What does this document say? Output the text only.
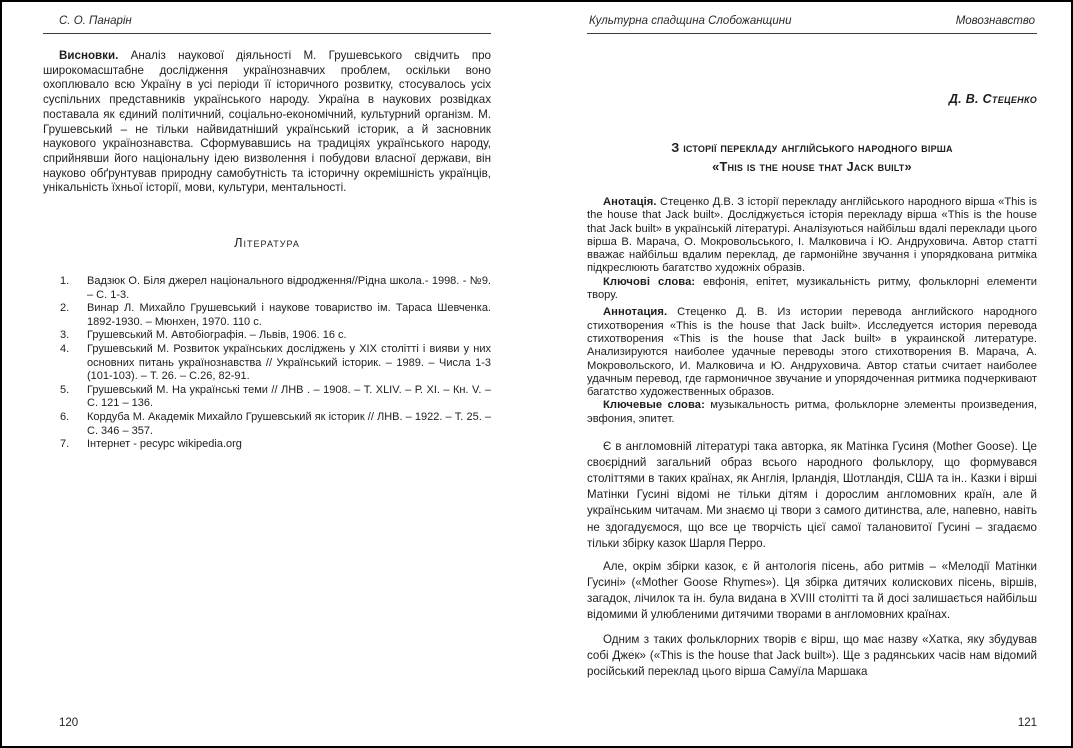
С. О. Панарін

Висновки. Аналіз наукової діяльності М. Грушевського свідчить про широкомасштабне дослідження українознавчих проблем, оскільки воно охоплювало всю Україну в усі періоди її історичного розвитку, стосувалось усіх суспільних представників українського народу. Україна в наукових розвідках поставала як єдиний політичний, соціально-економічний, культурний організм. М. Грушевський – не тільки найвидатніший український історик, а й засновник наукового українознавства. Сформувавшись на традиціях українського народу, сприйнявши його національну ідею визволення і побудови власної держави, він науково обґрунтував природну самобутність та історичну окремішність українців, унікальність їхньої історії, мови, культури, ментальності.

Література
Вадзюк О. Біля джерел національного відродження//Рідна школа.- 1998. - №9. – С. 1-3.
Винар Л. Михайло Грушевський і наукове товариство ім. Тараса Шевченка. 1892-1930. – Мюнхен, 1970. 110 с.
Грушевський М. Автобіографія. – Львів, 1906. 16 с.
Грушевський М. Розвиток українських досліджень у XIX столітті і вияви у них основних питань українознавства // Український історик. – 1989. – Числа 1-3 (101-103). – Т. 26. – С.26, 82-91.
Грушевський М. На українські теми // ЛНВ . – 1908. – Т. XLIV. – Р. XI. – Кн. V. – С. 121 – 136.
Кордуба М. Академік Михайло Грушевський як історик // ЛНВ. – 1922. – Т. 25. – С. 346 – 357.
Інтернет - ресурс wikipedia.org
Культурна спадщина Слобожанщини	Мовознавство
Д. В. Стеценко
З історії перекладу англійського народного вірша
«This is the house that Jack built»

Анотація. Стеценко Д.В. З історії перекладу англійського народного вірша «This is the house that Jack built». Досліджується історія перекладу вірша «This is the house that Jack built» в українській літературі. Аналізуються найбільш вдалі переклади цього вірша В. Марача, О. Мокровольського, І. Малковича і Ю. Андруховича. Автор статті вважає найбільш вдалим переклад, де гармонійне звучання і упорядкована ритміка підкреслюють багатство художніх образів.

Ключові слова: евфонія, епітет, музикальність ритму, фольклорні елементи твору.

Аннотация. Стеценко Д. В. Из истории перевода английского народного стихотворения «This is the house that Jack built». Исследуется история перевода стихотворения «This is the house that Jack built» в украинской литературе. Анализируются наиболее удачные переводы этого стихотворения В. Марача, А. Мокровольского, И. Малковича и Ю. Андруховича. Автор статьи считает наиболее удачным перевод, где гармоничное звучание и упорядоченная ритмика подчеркивают багатство художественных образов.

Ключевые слова: музыкальность ритма, фольклорне элементы произведения, эвфония, эпитет.

Є в англомовній літературі така авторка, як Матінка Гусиня (Mother Goose). Це своєрідний загальний образ всього народного фольклору, що формувався століттями в таких країнах, як Англія, Ірландія, Шотландія, США та ін.. Казки і вірші Матінки Гусині відомі не тільки дітям і дорослим англомовних країн, але й українським читачам. Ми знаємо ці твори з самого дитинства, але, напевно, навіть не здогадуємося, що все це творчість цієї самої талановитої Гусині – згадаємо тільки збірку казок Шарля Перро.

Але, окрім збірки казок, є й антологія пісень, або ритмів – «Мелодії Матінки Гусині» («Mother Goose Rhymes»). Ця збірка дитячих колискових пісень, віршів, загадок, лічилок та ін. була видана в XVIII столітті та й досі залишається найбільш відомими й улюбленими дитячими творами в англомовних країнах.

Одним з таких фольклорних творів є вірш, що має назву «Хатка, яку збудував собі Джек» («This is the house that Jack built»). Ще з радянських часів нам відомий російський переклад цього вірша Самуїла Маршака

120	121
